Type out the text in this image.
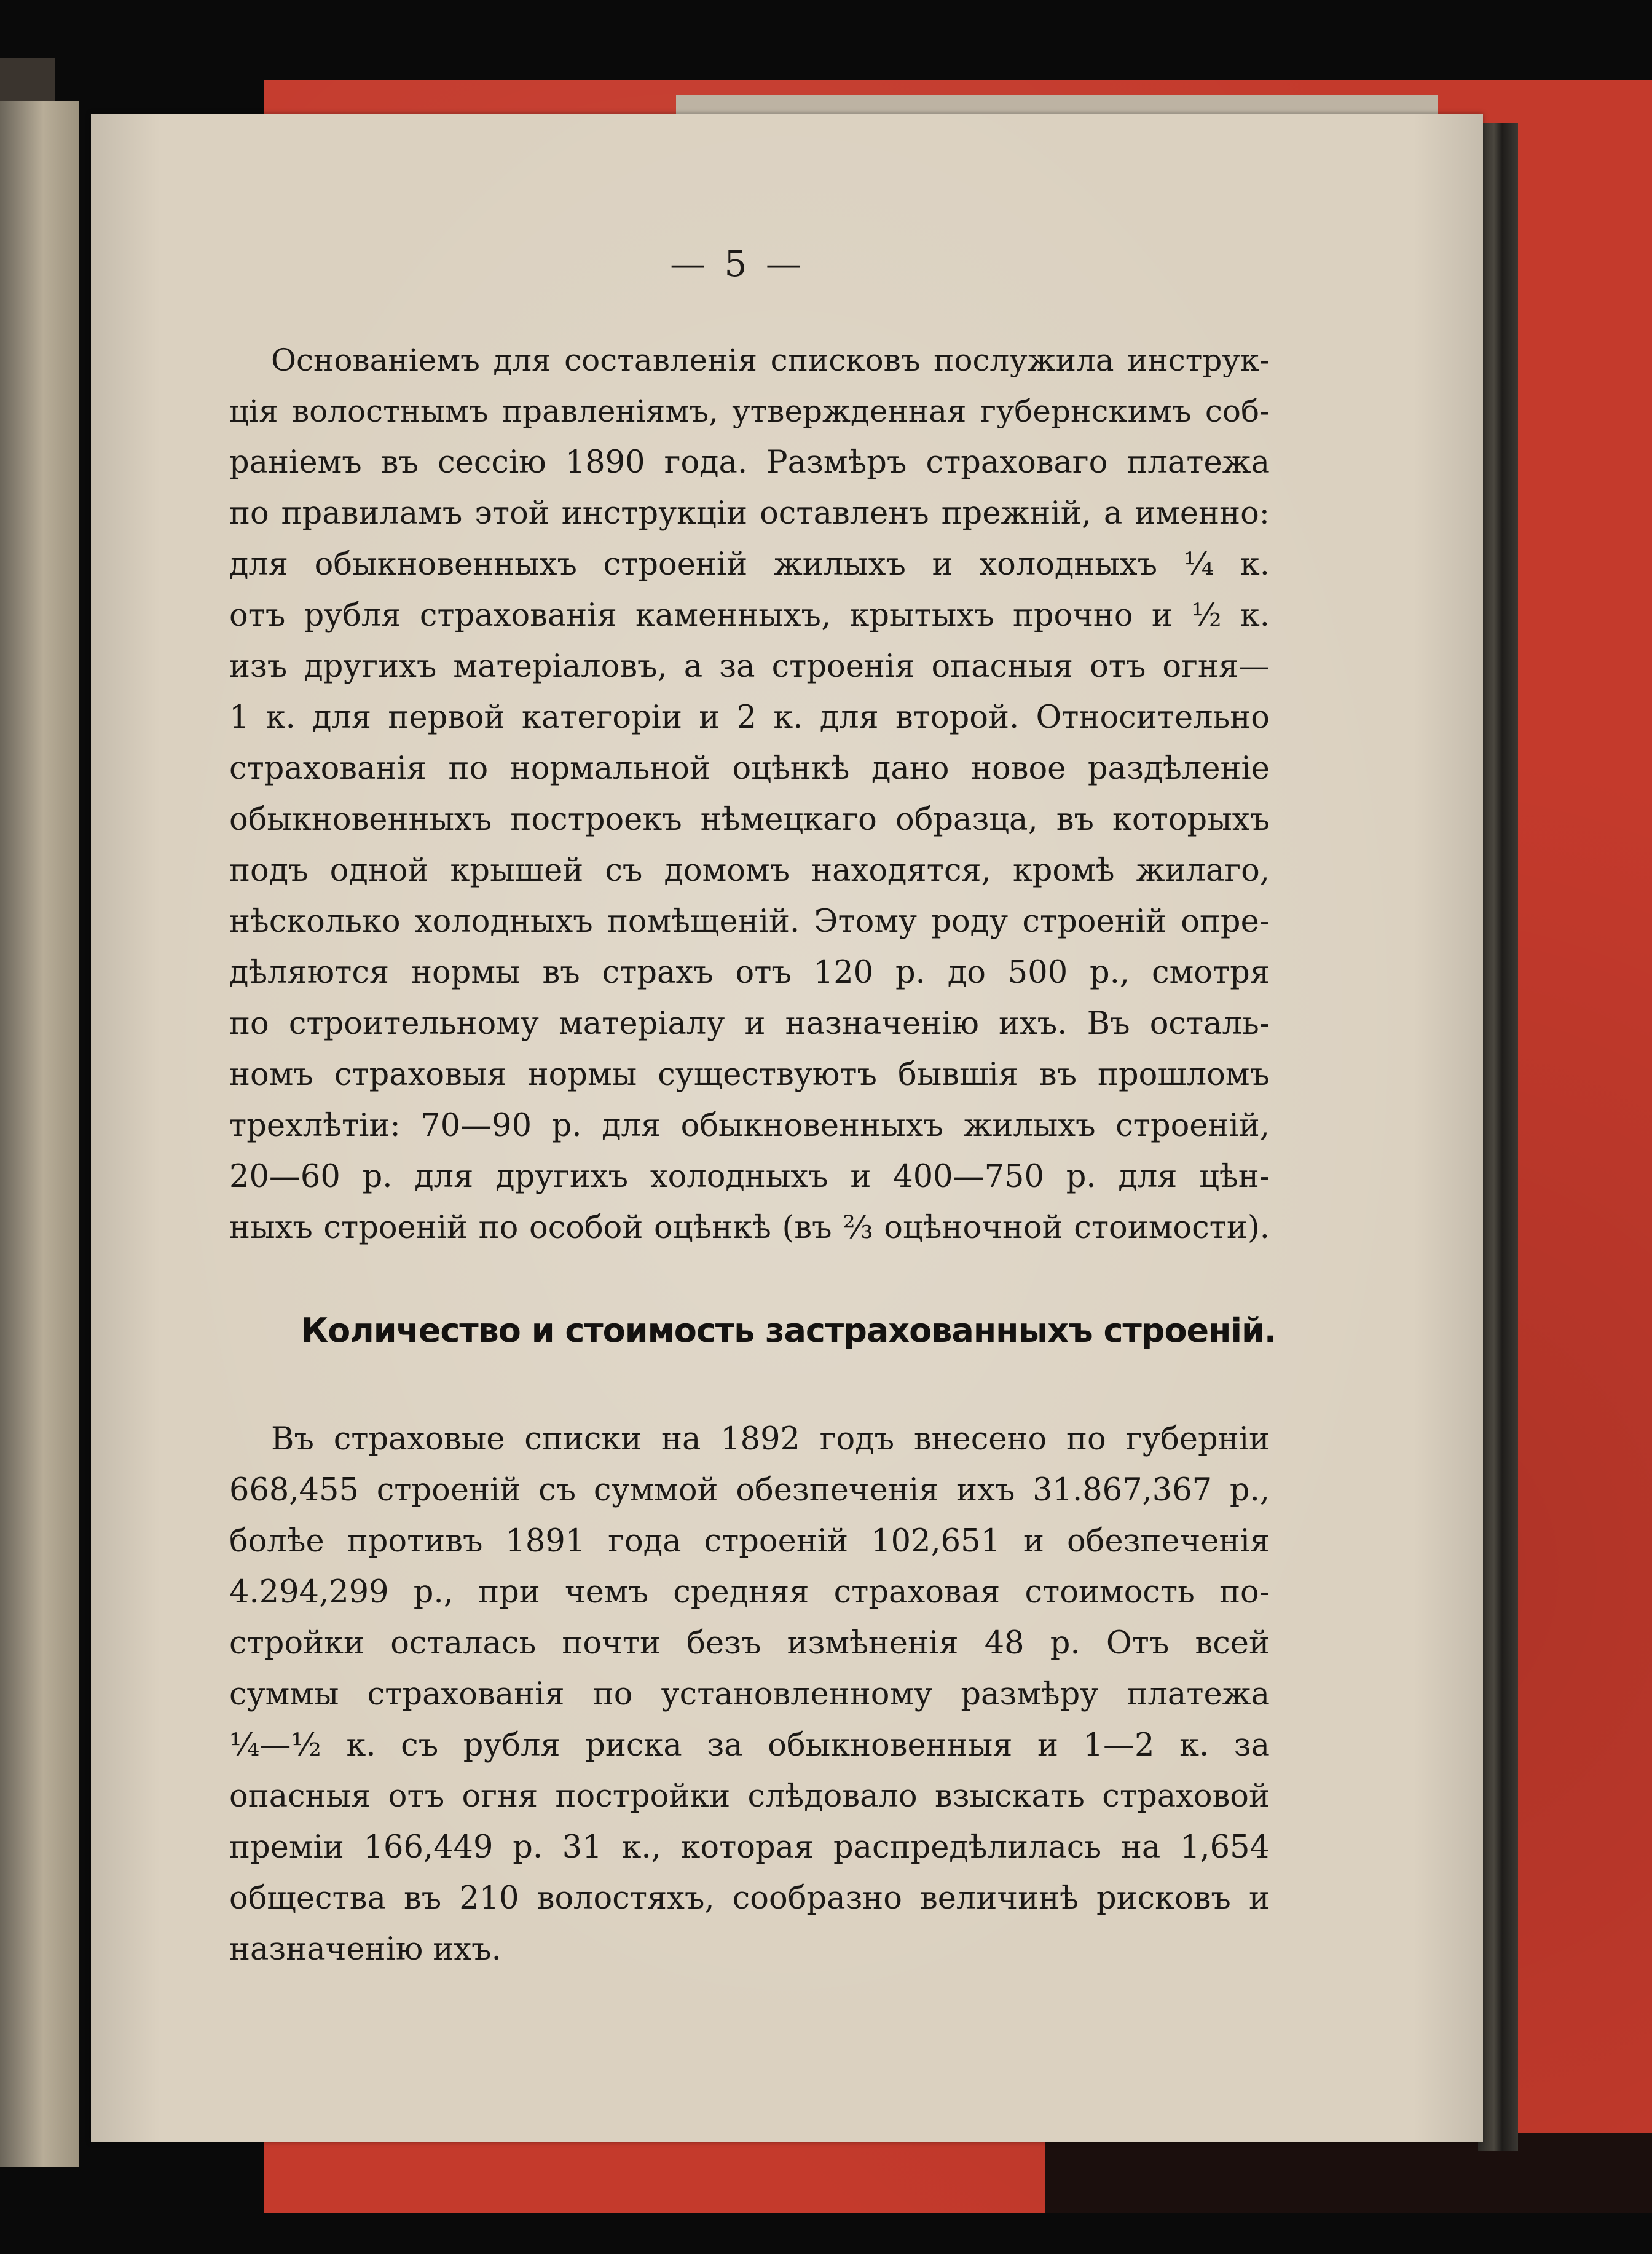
— 5 —
Основаніемъ для составленія списковъ послужила инструк-
ція волостнымъ правленіямъ, утвержденная губернскимъ соб-
раніемъ въ сессію 1890 года. Размѣръ страховаго платежа
по правиламъ этой инструкціи оставленъ прежній, а именно:
для обыкновенныхъ строеній жилыхъ и холодныхъ ¼ к.
отъ рубля страхованія каменныхъ, крытыхъ прочно и ½ к.
изъ другихъ матеріаловъ, а за строенія опасныя отъ огня—
1 к. для первой категоріи и 2 к. для второй. Относительно
страхованія по нормальной оцѣнкѣ дано новое раздѣленіе
обыкновенныхъ построекъ нѣмецкаго образца, въ которыхъ
подъ одной крышей съ домомъ находятся, кромѣ жилаго,
нѣсколько холодныхъ помѣщеній. Этому роду строеній опре-
дѣляются нормы въ страхъ отъ 120 р. до 500 р., смотря
по строительному матеріалу и назначенію ихъ. Въ осталь-
номъ страховыя нормы существуютъ бывшія въ прошломъ
трехлѣтіи: 70—90 р. для обыкновенныхъ жилыхъ строеній,
20—60 р. для другихъ холодныхъ и 400—750 р. для цѣн-
ныхъ строеній по особой оцѣнкѣ (въ ⅔ оцѣночной стоимости).
Количество и стоимость застрахованныхъ строеній.
Въ страховые списки на 1892 годъ внесено по губерніи
668,455 строеній съ суммой обезпеченія ихъ 31.867,367 р.,
болѣе противъ 1891 года строеній 102,651 и обезпеченія
4.294,299 р., при чемъ средняя страховая стоимость по-
стройки осталась почти безъ измѣненія 48 р. Отъ всей
суммы страхованія по установленному размѣру платежа
¼—½ к. съ рубля риска за обыкновенныя и 1—2 к. за
опасныя отъ огня постройки слѣдовало взыскать страховой
преміи 166,449 р. 31 к., которая распредѣлилась на 1,654
общества въ 210 волостяхъ, сообразно величинѣ рисковъ и
назначенію ихъ.
